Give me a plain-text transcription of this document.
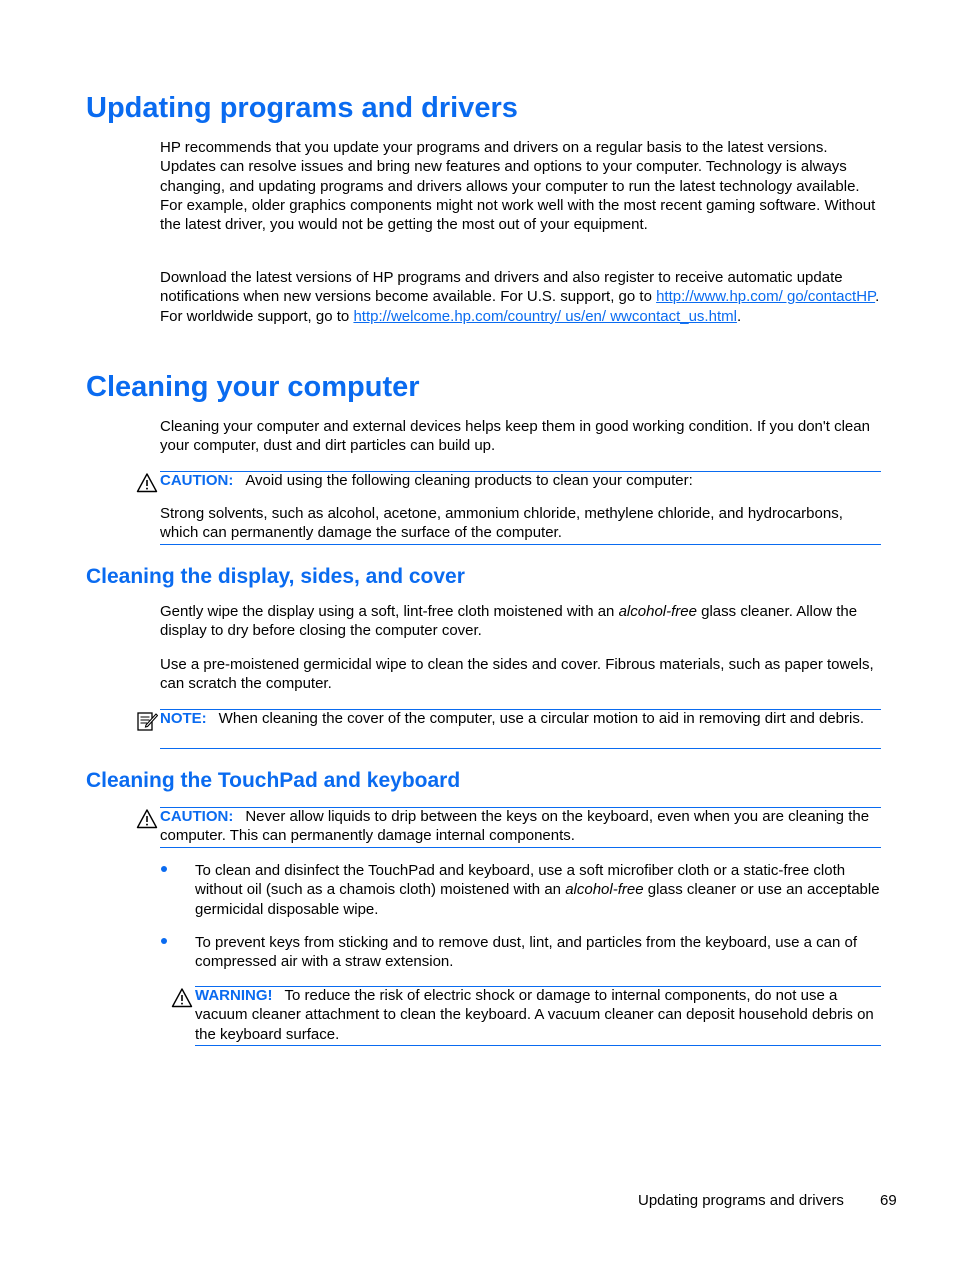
Updating programs and drivers

HP recommends that you update your programs and drivers on a regular basis to the latest versions. Updates can resolve issues and bring new features and options to your computer. Technology is always changing, and updating programs and drivers allows your computer to run the latest technology available. For example, older graphics components might not work well with the most recent gaming software. Without the latest driver, you would not be getting the most out of your equipment.

Download the latest versions of HP programs and drivers and also register to receive automatic update notifications when new versions become available. For U.S. support, go to http://www.hp.com/ go/contactHP. For worldwide support, go to http://welcome.hp.com/country/ us/en/ wwcontact_us.html.

Cleaning your computer

Cleaning your computer and external devices helps keep them in good working condition. If you don't clean your computer, dust and dirt particles can build up.

CAUTION: Avoid using the following cleaning products to clean your computer:

Strong solvents, such as alcohol, acetone, ammonium chloride, methylene chloride, and hydrocarbons, which can permanently damage the surface of the computer.

Cleaning the display, sides, and cover

Gently wipe the display using a soft, lint-free cloth moistened with an alcohol-free glass cleaner. Allow the display to dry before closing the computer cover.

Use a pre-moistened germicidal wipe to clean the sides and cover. Fibrous materials, such as paper towels, can scratch the computer.

NOTE: When cleaning the cover of the computer, use a circular motion to aid in removing dirt and debris.

Cleaning the TouchPad and keyboard

CAUTION: Never allow liquids to drip between the keys on the keyboard, even when you are cleaning the computer. This can permanently damage internal components.

To clean and disinfect the TouchPad and keyboard, use a soft microfiber cloth or a static-free cloth without oil (such as a chamois cloth) moistened with an alcohol-free glass cleaner or use an acceptable germicidal disposable wipe.

To prevent keys from sticking and to remove dust, lint, and particles from the keyboard, use a can of compressed air with a straw extension.

WARNING! To reduce the risk of electric shock or damage to internal components, do not use a vacuum cleaner attachment to clean the keyboard. A vacuum cleaner can deposit household debris on the keyboard surface.

Updating programs and drivers 69
